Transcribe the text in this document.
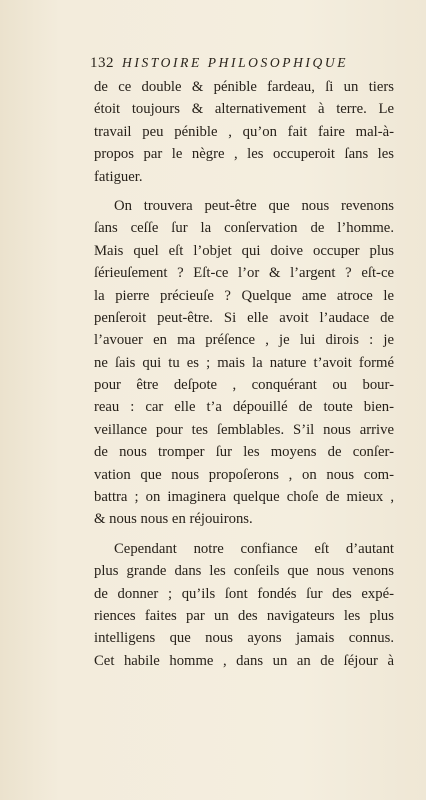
132 HISTOIRE PHILOSOPHIQUE
de ce double & pénible fardeau, ſi un tiers
étoit toujours & alternativement à terre. Le
travail peu pénible , qu’on fait faire mal-à-
propos par le nègre , les occuperoit ſans les
fatiguer.
On trouvera peut-être que nous revenons
ſans ceſſe ſur la conſervation de l’homme.
Mais quel eſt l’objet qui doive occuper plus
ſérieuſement ? Eſt-ce l’or & l’argent ? eſt-ce
la pierre précieuſe ? Quelque ame atroce le
penſeroit peut-être. Si elle avoit l’audace de
l’avouer en ma préſence , je lui dirois : je
ne ſais qui tu es ; mais la nature t’avoit formé
pour être deſpote , conquérant ou bour-
reau : car elle t’a dépouillé de toute bien-
veillance pour tes ſemblables. S’il nous arrive
de nous tromper ſur les moyens de conſer-
vation que nous propoſerons , on nous com-
battra ; on imaginera quelque choſe de mieux ,
& nous nous en réjouirons.
Cependant notre confiance eſt d’autant
plus grande dans les conſeils que nous venons
de donner ; qu’ils ſont fondés ſur des expé-
riences faites par un des navigateurs les plus
intelligens que nous ayons jamais connus.
Cet habile homme , dans un an de ſéjour à
